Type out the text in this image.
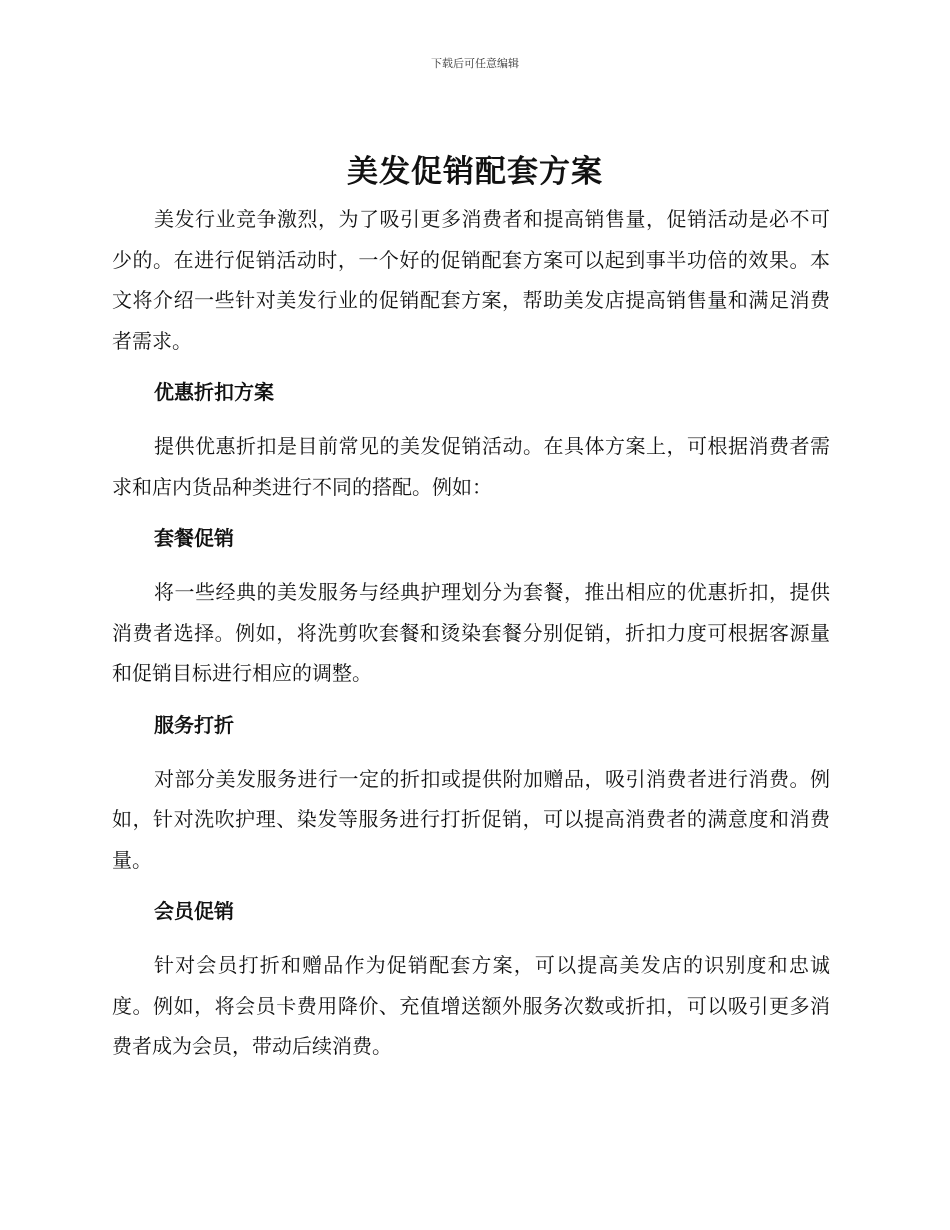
下载后可任意编辑
美发促销配套方案

美发行业竞争激烈，为了吸引更多消费者和提高销售量，促销活动是必不可少的。在进行促销活动时，一个好的促销配套方案可以起到事半功倍的效果。本文将介绍一些针对美发行业的促销配套方案，帮助美发店提高销售量和满足消费者需求。

优惠折扣方案

提供优惠折扣是目前常见的美发促销活动。在具体方案上，可根据消费者需求和店内货品种类进行不同的搭配。例如：

套餐促销

将一些经典的美发服务与经典护理划分为套餐，推出相应的优惠折扣，提供消费者选择。例如，将洗剪吹套餐和烫染套餐分别促销，折扣力度可根据客源量和促销目标进行相应的调整。

服务打折

对部分美发服务进行一定的折扣或提供附加赠品，吸引消费者进行消费。例如，针对洗吹护理、染发等服务进行打折促销，可以提高消费者的满意度和消费量。

会员促销

针对会员打折和赠品作为促销配套方案，可以提高美发店的识别度和忠诚度。例如，将会员卡费用降价、充值增送额外服务次数或折扣，可以吸引更多消费者成为会员，带动后续消费。
